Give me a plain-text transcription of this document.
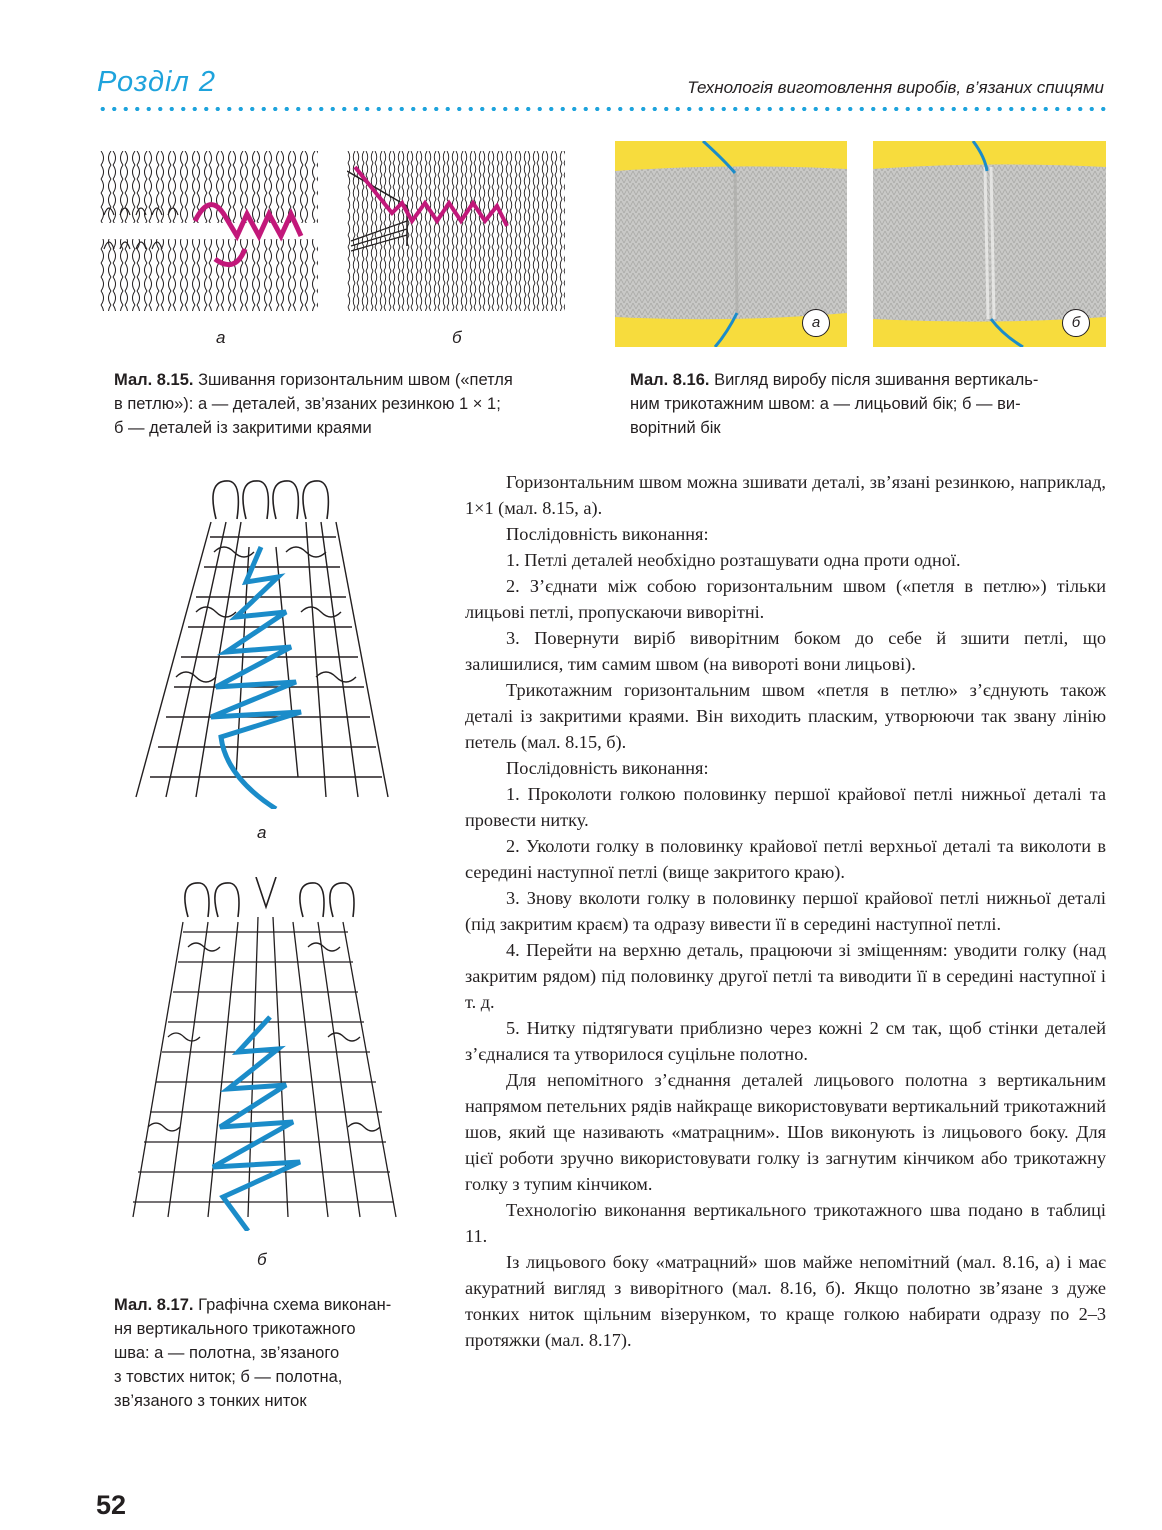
Розділ 2	Технологія виготовлення виробів, в’язаних спицями
а	б
Мал. 8.15. Зшивання горизонтальним швом («петля
в петлю»): а — деталей, зв’язаних резинкою 1 × 1;
б — деталей із закритими краями
а	б
Мал. 8.16. Вигляд виробу після зшивання вертикаль-
ним трикотажним швом: а — лицьовий бік; б — ви-
ворітний бік
а
б
Мал. 8.17. Графічна схема виконан-
ня вертикального трикотажного
шва: а — полотна, зв’язаного
з товстих ниток; б — полотна,
зв’язаного з тонких ниток

Горизонтальним швом можна зшивати деталі, зв’язані резинкою, наприклад, 1×1 (мал. 8.15, а).

Послідовність виконання:

1. Петлі деталей необхідно розташувати одна проти одної.

2. З’єднати між собою горизонтальним швом («петля в петлю») тільки лицьові петлі, пропускаючи виворітні.

3. Повернути виріб виворітним боком до себе й зшити петлі, що залишилися, тим самим швом (на вивороті вони лицьові).

Трикотажним горизонтальним швом «петля в петлю» з’єднують також деталі із закритими краями. Він виходить пласким, утворюючи так звану лінію петель (мал. 8.15, б).

Послідовність виконання:

1. Проколоти голкою половинку першої крайової петлі нижньої деталі та провести нитку.

2. Уколоти голку в половинку крайової петлі верхньої деталі та виколоти в середині наступної петлі (вище закритого краю).

3. Знову вколоти голку в половинку першої крайової петлі нижньої деталі (під закритим краєм) та одразу вивести її в середині наступної петлі.

4. Перейти на верхню деталь, працюючи зі зміщенням: уводити голку (над закритим рядом) під половинку другої петлі та виводити її в середині наступної і т. д.

5. Нитку підтягувати приблизно через кожні 2 см так, щоб стінки деталей з’єдналися та утворилося суцільне полотно.

Для непомітного з’єднання деталей лицьового полотна з вертикальним напрямом петельних рядів найкраще використовувати вертикальний трикотажний шов, який ще називають «матрацним». Шов виконують із лицьового боку. Для цієї роботи зручно використовувати голку із загнутим кінчиком або трикотажну голку з тупим кінчиком.

Технологію виконання вертикального трикотажного шва подано в таблиці 11.

Із лицьового боку «матрацний» шов майже непомітний (мал. 8.16, а) і має акуратний вигляд з виворітного (мал. 8.16, б). Якщо полотно зв’язане з дуже тонких ниток щільним візерунком, то краще голкою набирати одразу по 2–3 протяжки (мал. 8.17).

52
